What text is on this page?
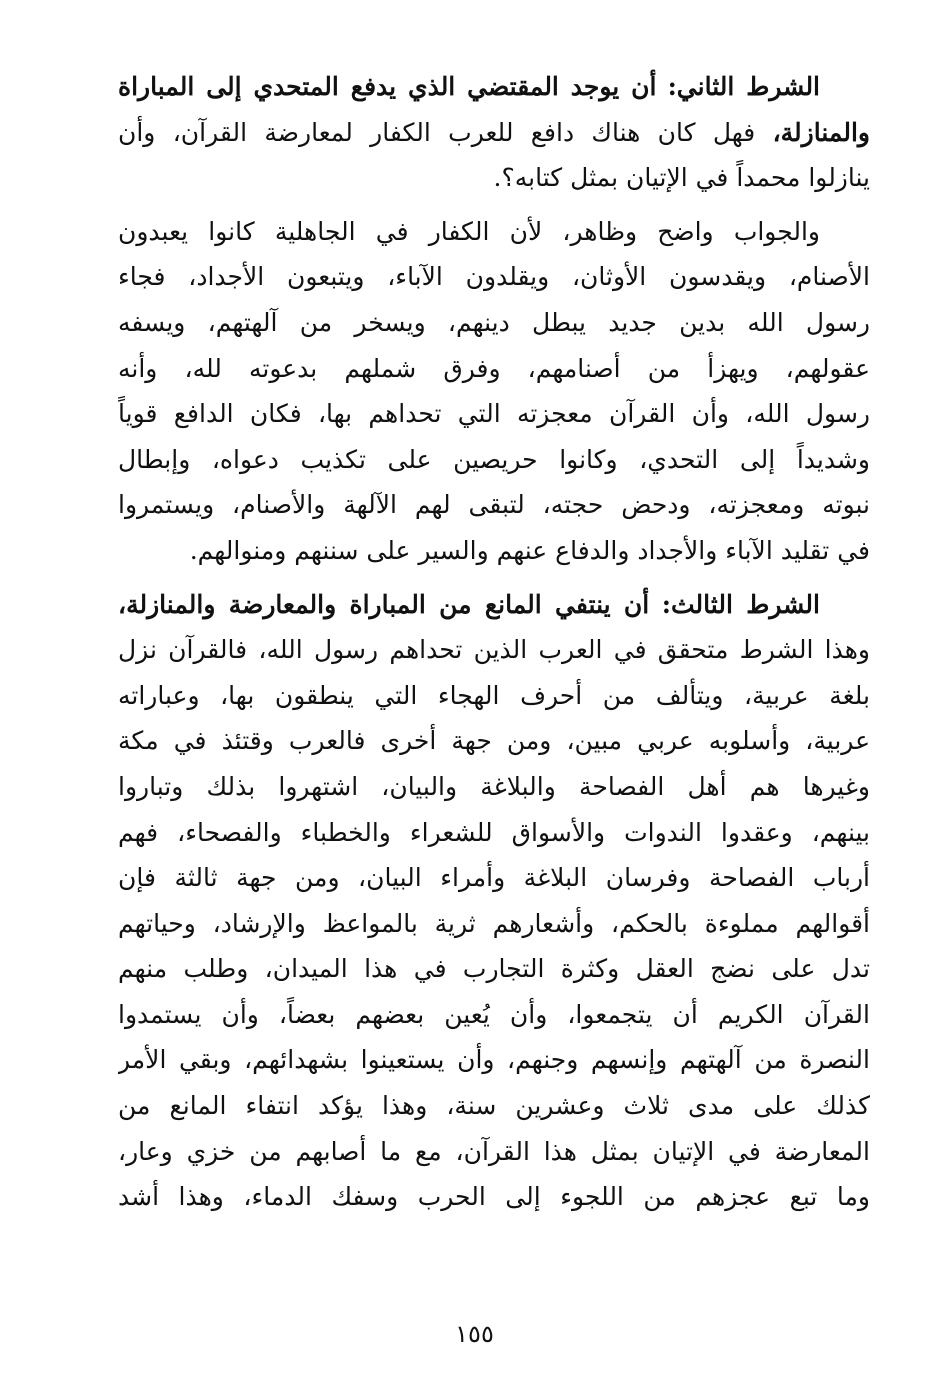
الشرط الثاني: أن يوجد المقتضي الذي يدفع المتحدي إلى المباراة
والمنازلة، فهل كان هناك دافع للعرب الكفار لمعارضة القرآن، وأن
ينازلوا محمداً في الإتيان بمثل كتابه؟.
والجواب واضح وظاهر، لأن الكفار في الجاهلية كانوا يعبدون
الأصنام، ويقدسون الأوثان، ويقلدون الآباء، ويتبعون الأجداد، فجاء
رسول الله بدين جديد يبطل دينهم، ويسخر من آلهتهم، ويسفه
عقولهم، ويهزأ من أصنامهم، وفرق شملهم بدعوته لله، وأنه
رسول الله، وأن القرآن معجزته التي تحداهم بها، فكان الدافع قوياً
وشديداً إلى التحدي، وكانوا حريصين على تكذيب دعواه، وإبطال
نبوته ومعجزته، ودحض حجته، لتبقى لهم الآلهة والأصنام، ويستمروا
في تقليد الآباء والأجداد والدفاع عنهم والسير على سننهم ومنوالهم.
الشرط الثالث: أن ينتفي المانع من المباراة والمعارضة والمنازلة،
وهذا الشرط متحقق في العرب الذين تحداهم رسول الله، فالقرآن نزل
بلغة عربية، ويتألف من أحرف الهجاء التي ينطقون بها، وعباراته
عربية، وأسلوبه عربي مبين، ومن جهة أخرى فالعرب وقتئذ في مكة
وغيرها هم أهل الفصاحة والبلاغة والبيان، اشتهروا بذلك وتباروا
بينهم، وعقدوا الندوات والأسواق للشعراء والخطباء والفصحاء، فهم
أرباب الفصاحة وفرسان البلاغة وأمراء البيان، ومن جهة ثالثة فإن
أقوالهم مملوءة بالحكم، وأشعارهم ثرية بالمواعظ والإرشاد، وحياتهم
تدل على نضج العقل وكثرة التجارب في هذا الميدان، وطلب منهم
القرآن الكريم أن يتجمعوا، وأن يُعين بعضهم بعضاً، وأن يستمدوا
النصرة من آلهتهم وإنسهم وجنهم، وأن يستعينوا بشهدائهم، وبقي الأمر
كذلك على مدى ثلاث وعشرين سنة، وهذا يؤكد انتفاء المانع من
المعارضة في الإتيان بمثل هذا القرآن، مع ما أصابهم من خزي وعار،
وما تبع عجزهم من اللجوء إلى الحرب وسفك الدماء، وهذا أشد
١٥٥
